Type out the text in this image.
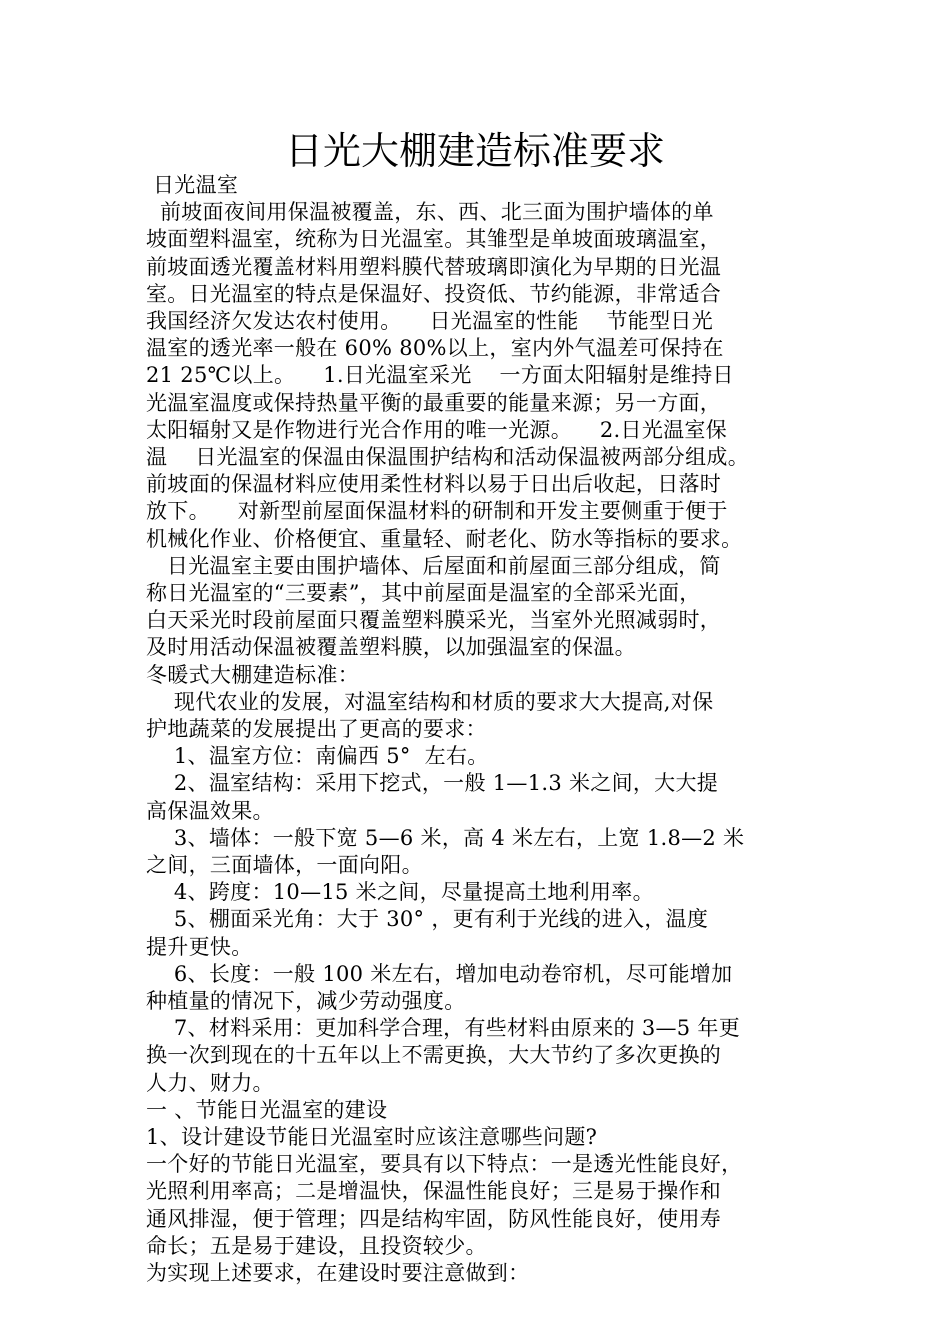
日光大棚建造标准要求
日光温室
前坡面夜间用保温被覆盖，东、西、北三面为围护墙体的单
坡面塑料温室，统称为日光温室。其雏型是单坡面玻璃温室，
前坡面透光覆盖材料用塑料膜代替玻璃即演化为早期的日光温
室。日光温室的特点是保温好、投资低、节约能源，非常适合
我国经济欠发达农村使用。    日光温室的性能    节能型日光
温室的透光率一般在 60% 80%以上，室内外气温差可保持在
21 25℃以上。    1.日光温室采光    一方面太阳辐射是维持日
光温室温度或保持热量平衡的最重要的能量来源；另一方面，
太阳辐射又是作物进行光合作用的唯一光源。    2.日光温室保
温    日光温室的保温由保温围护结构和活动保温被两部分组成。
前坡面的保温材料应使用柔性材料以易于日出后收起，日落时
放下。    对新型前屋面保温材料的研制和开发主要侧重于便于
机械化作业、价格便宜、重量轻、耐老化、防水等指标的要求。
日光温室主要由围护墙体、后屋面和前屋面三部分组成，简
称日光温室的“三要素”，其中前屋面是温室的全部采光面，
白天采光时段前屋面只覆盖塑料膜采光，当室外光照减弱时，
及时用活动保温被覆盖塑料膜，以加强温室的保温。
冬暖式大棚建造标准：
现代农业的发展，对温室结构和材质的要求大大提高,对保
护地蔬菜的发展提出了更高的要求：
1、温室方位：南偏西 5°  左右。
2、温室结构：采用下挖式，一般 1—1.3 米之间，大大提
高保温效果。
3、墙体：一般下宽 5—6 米，高 4 米左右，上宽 1.8—2 米
之间，三面墙体，一面向阳。
4、跨度：10—15 米之间，尽量提高土地利用率。
5、棚面采光角：大于 30° ，更有利于光线的进入，温度
提升更快。
6、长度：一般 100 米左右，增加电动卷帘机，尽可能增加
种植量的情况下，减少劳动强度。
7、材料采用：更加科学合理，有些材料由原来的 3—5 年更
换一次到现在的十五年以上不需更换，大大节约了多次更换的
人力、财力。
一 、节能日光温室的建设
1、设计建设节能日光温室时应该注意哪些问题?
一个好的节能日光温室，要具有以下特点：一是透光性能良好，
光照利用率高；二是增温快，保温性能良好；三是易于操作和
通风排湿，便于管理；四是结构牢固，防风性能良好，使用寿
命长；五是易于建设，且投资较少。
为实现上述要求，在建设时要注意做到：
